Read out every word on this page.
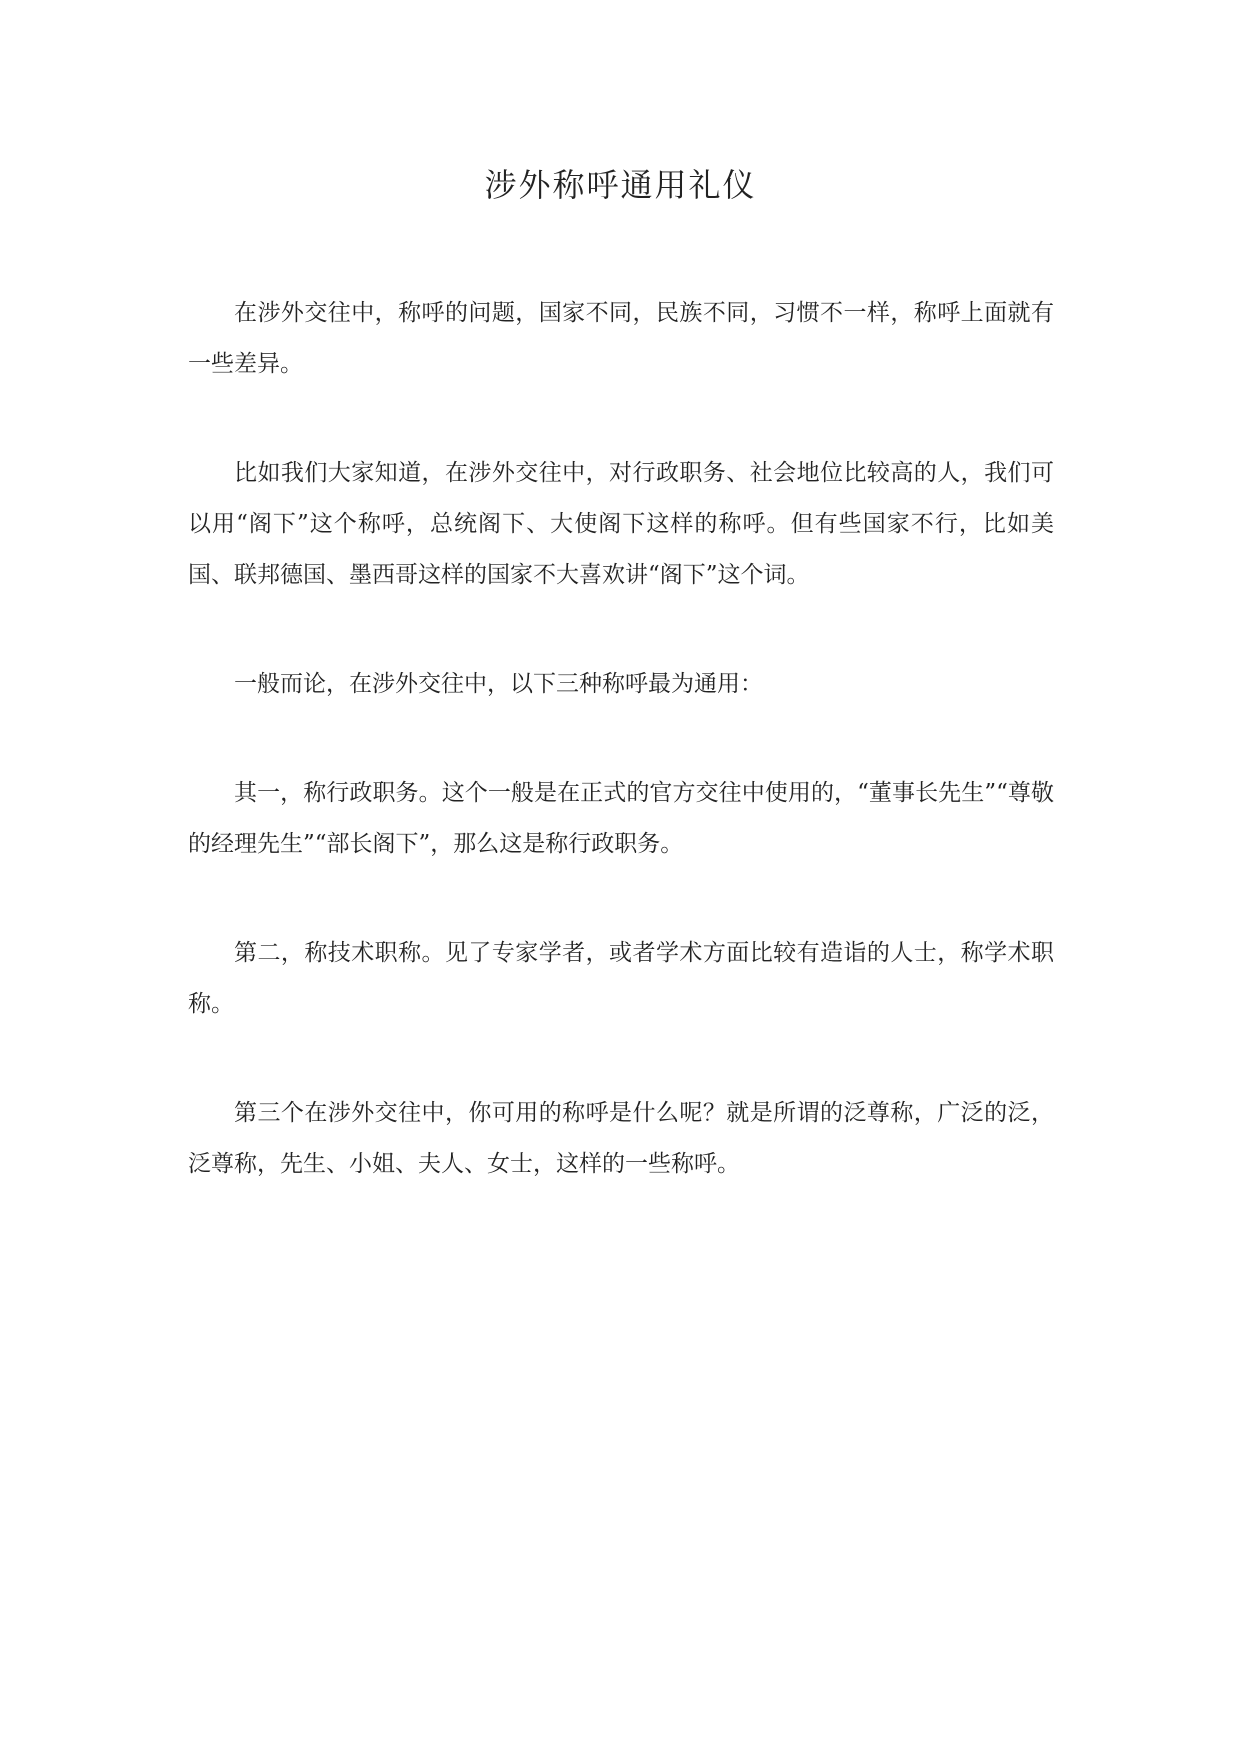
涉外称呼通用礼仪

在涉外交往中，称呼的问题，国家不同，民族不同，习惯不一样，称呼上面就有一些差异。

比如我们大家知道，在涉外交往中，对行政职务、社会地位比较高的人，我们可以用“阁下”这个称呼，总统阁下、大使阁下这样的称呼。但有些国家不行，比如美国、联邦德国、墨西哥这样的国家不大喜欢讲“阁下”这个词。

一般而论，在涉外交往中，以下三种称呼最为通用：

其一，称行政职务。这个一般是在正式的官方交往中使用的，“董事长先生”“尊敬的经理先生”“部长阁下”，那么这是称行政职务。

第二，称技术职称。见了专家学者，或者学术方面比较有造诣的人士，称学术职称。

第三个在涉外交往中，你可用的称呼是什么呢？就是所谓的泛尊称，广泛的泛，泛尊称，先生、小姐、夫人、女士，这样的一些称呼。
